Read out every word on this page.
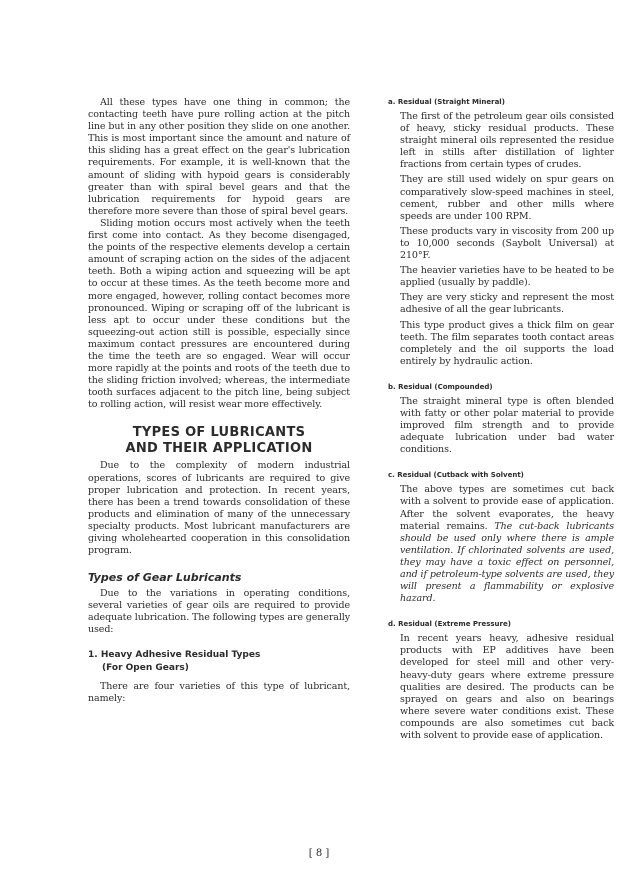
All these types have one thing in common; the contacting teeth have pure rolling action at the pitch line but in any other position they slide on one another. This is most important since the amount and nature of this sliding has a great effect on the gear's lubrication requirements. For example, it is well-known that the amount of sliding with hypoid gears is considerably greater than with spiral bevel gears and that the lubrication requirements for hypoid gears are therefore more severe than those of spiral bevel gears.

Sliding motion occurs most actively when the teeth first come into contact. As they become disengaged, the points of the respective elements develop a certain amount of scraping action on the sides of the adjacent teeth. Both a wiping action and squeezing will be apt to occur at these times. As the teeth become more and more engaged, however, rolling contact becomes more pronounced. Wiping or scraping off of the lubricant is less apt to occur under these conditions but the squeezing-out action still is possible, especially since maximum contact pressures are encountered during the time the teeth are so engaged. Wear will occur more rapidly at the points and roots of the teeth due to the sliding friction involved; whereas, the intermediate tooth surfaces adjacent to the pitch line, being subject to rolling action, will resist wear more effectively.

TYPES OF LUBRICANTS
AND THEIR APPLICATION

Due to the complexity of modern industrial operations, scores of lubricants are required to give proper lubrication and protection. In recent years, there has been a trend towards consolidation of these products and elimination of many of the unnecessary specialty products. Most lubricant manufacturers are giving wholehearted cooperation in this consolidation program.

Types of Gear Lubricants

Due to the variations in operating conditions, several varieties of gear oils are required to provide adequate lubrication. The following types are generally used:

1. Heavy Adhesive Residual Types
(For Open Gears)

There are four varieties of this type of lubricant, namely:

a. Residual (Straight Mineral)

The first of the petroleum gear oils consisted of heavy, sticky residual products. These straight mineral oils represented the residue left in stills after distillation of lighter fractions from certain types of crudes.

They are still used widely on spur gears on comparatively slow-speed machines in steel, cement, rubber and other mills where speeds are under 100 RPM.

These products vary in viscosity from 200 up to 10,000 seconds (Saybolt Universal) at 210°F.

The heavier varieties have to be heated to be applied (usually by paddle).

They are very sticky and represent the most adhesive of all the gear lubricants.

This type product gives a thick film on gear teeth. The film separates tooth contact areas completely and the oil supports the load entirely by hydraulic action.

b. Residual (Compounded)

The straight mineral type is often blended with fatty or other polar material to provide improved film strength and to provide adequate lubrication under bad water conditions.

c. Residual (Cutback with Solvent)

The above types are sometimes cut back with a solvent to provide ease of application. After the solvent evaporates, the heavy material remains. The cut-back lubricants should be used only where there is ample ventilation. If chlorinated solvents are used, they may have a toxic effect on personnel, and if petroleum-type solvents are used, they will present a flammability or explosive hazard.

d. Residual (Extreme Pressure)

In recent years heavy, adhesive residual products with EP additives have been developed for steel mill and other very-heavy-duty gears where extreme pressure qualities are desired. The products can be sprayed on gears and also on bearings where severe water conditions exist. These compounds are also sometimes cut back with solvent to provide ease of application.

[ 8 ]
